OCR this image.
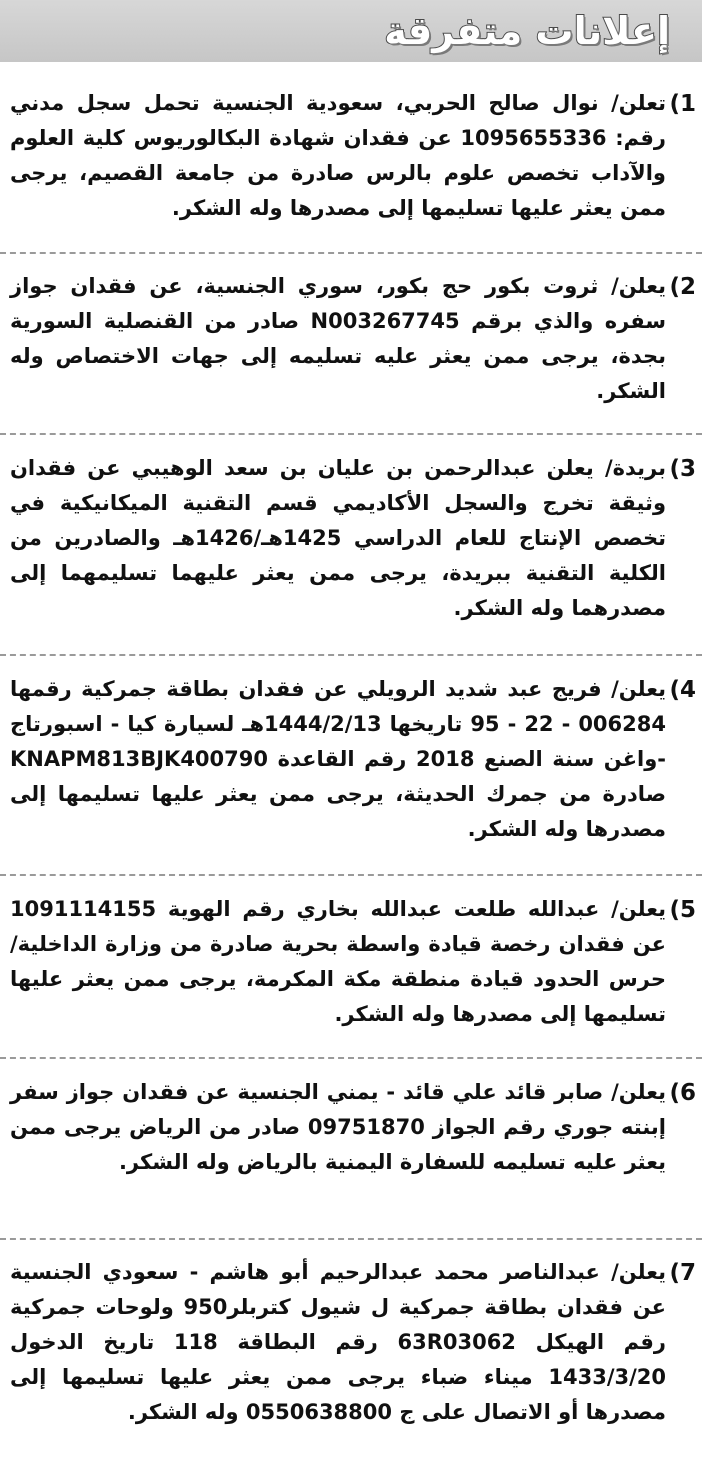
إعلانات متفرقة
1)

تعلن/ نوال صالح الحربي، سعودية الجنسية تحمل سجل مدني رقم: 1095655336 عن فقدان شهادة البكالوريوس كلية العلوم والآداب تخصص علوم بالرس صادرة من جامعة القصيم، يرجى ممن يعثر عليها تسليمها إلى مصدرها وله الشكر.

2)

يعلن/ ثروت بكور حج بكور، سوري الجنسية، عن فقدان جواز سفره والذي برقم N003267745 صادر من القنصلية السورية بجدة، يرجى ممن يعثر عليه تسليمه إلى جهات الاختصاص وله الشكر.

3)

بريدة/ يعلن عبدالرحمن بن عليان بن سعد الوهيبي عن فقدان وثيقة تخرج والسجل الأكاديمي قسم التقنية الميكانيكية في تخصص الإنتاج للعام الدراسي 1425هـ/1426هـ والصادرين من الكلية التقنية ببريدة، يرجى ممن يعثر عليهما تسليمهما إلى مصدرهما وله الشكر.

4)

يعلن/ فريج عبد شديد الرويلي عن فقدان بطاقة جمركية رقمها 006284 - 22 - 95 تاريخها 1444/2/13هـ لسيارة كيا - اسبورتاج -واغن سنة الصنع 2018 رقم القاعدة KNAPM813BJK400790 صادرة من جمرك الحديثة، يرجى ممن يعثر عليها تسليمها إلى مصدرها وله الشكر.

5)

يعلن/ عبدالله طلعت عبدالله بخاري رقم الهوية 1091114155 عن فقدان رخصة قيادة واسطة بحرية صادرة من وزارة الداخلية/ حرس الحدود قيادة منطقة مكة المكرمة، يرجى ممن يعثر عليها تسليمها إلى مصدرها وله الشكر.

6)

يعلن/ صابر قائد علي قائد - يمني الجنسية عن فقدان جواز سفر إبنته جوري رقم الجواز 09751870 صادر من الرياض يرجى ممن يعثر عليه تسليمه للسفارة اليمنية بالرياض وله الشكر.

7)

يعلن/ عبدالناصر محمد عبدالرحيم أبو هاشم - سعودي الجنسية عن فقدان بطاقة جمركية ل شيول كتربلر950 ولوحات جمركية رقم الهيكل 63R03062 رقم البطاقة 118 تاريخ الدخول 1433/3/20 ميناء ضباء يرجى ممن يعثر عليها تسليمها إلى مصدرها أو الاتصال على ج 0550638800 وله الشكر.
